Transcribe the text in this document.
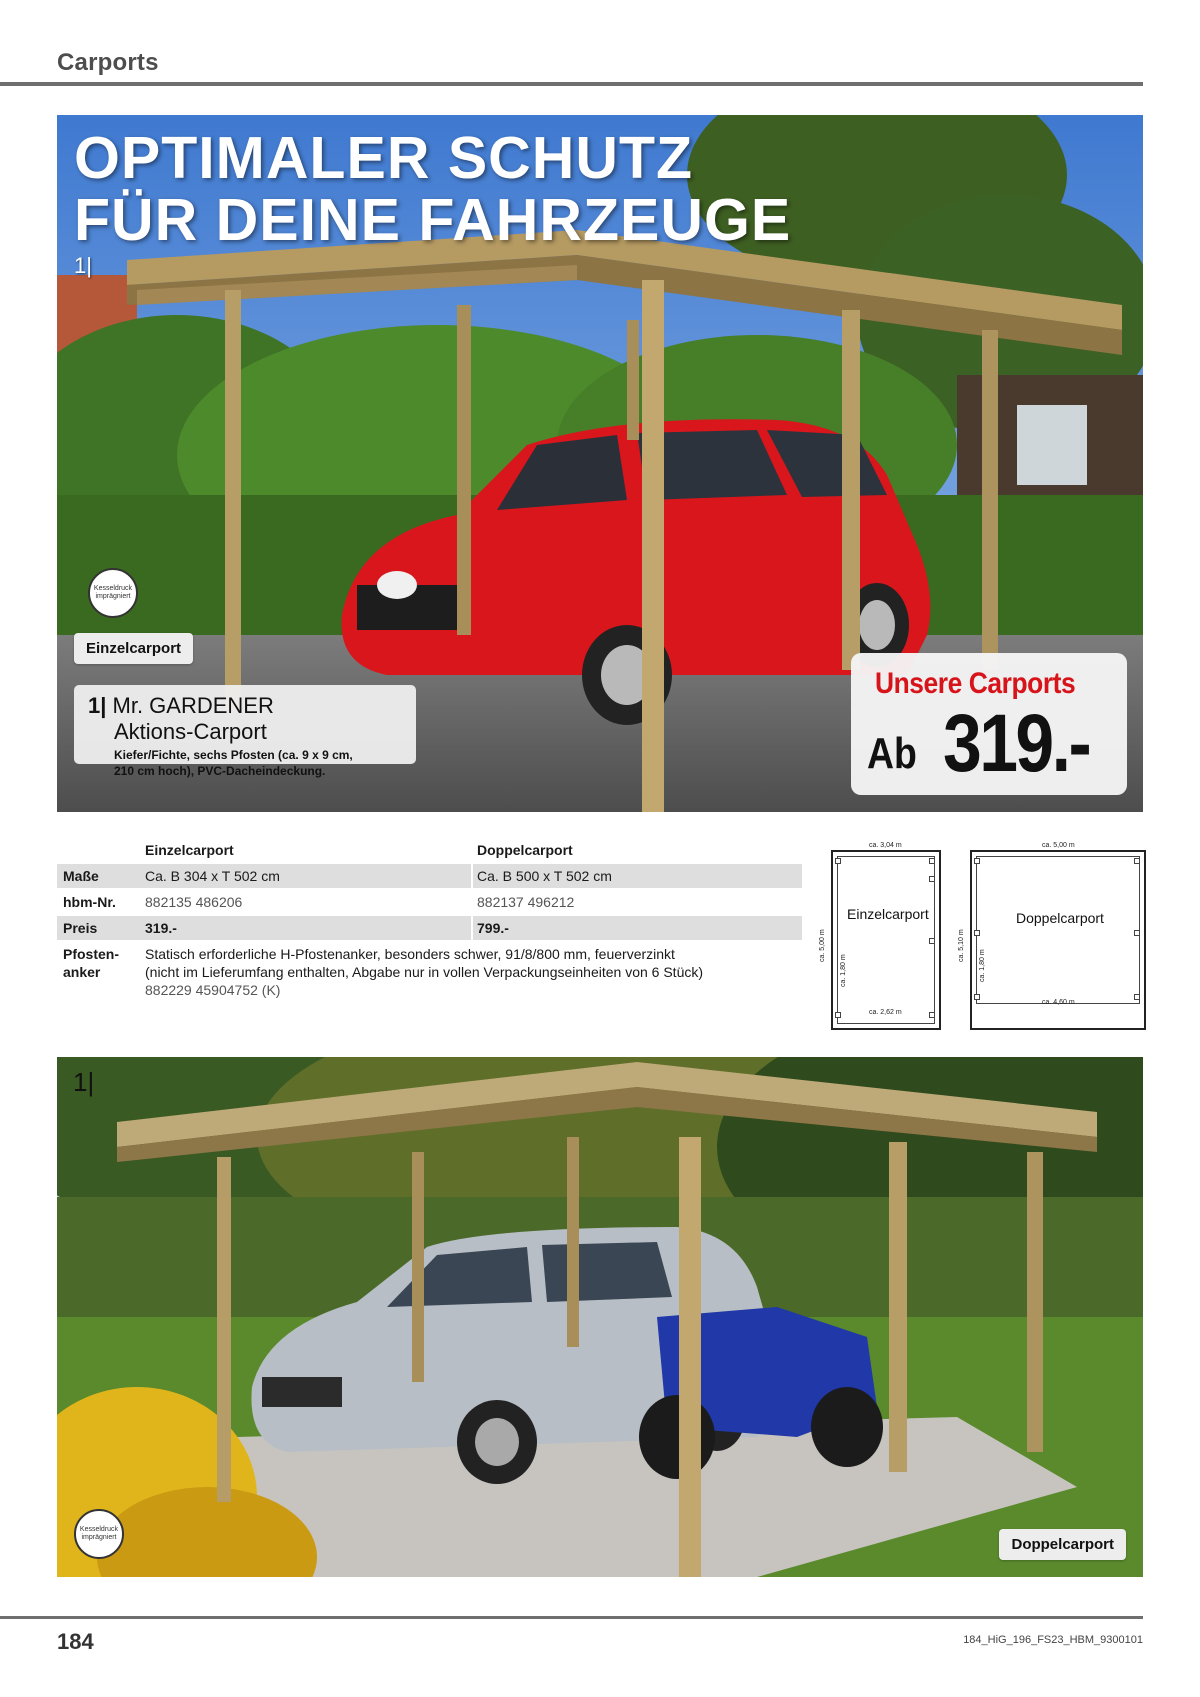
Carports
OPTIMALER SCHUTZ
FÜR DEINE FAHRZEUGE
1|
Kesseldruck imprägniert
Einzelcarport
1| Mr. GARDENER
Aktions-Carport
Kiefer/Fichte, sechs Pfosten (ca. 9 x 9 cm,
210 cm hoch), PVC-Dacheindeckung.
Unsere Carports
Ab 319.-
Einzelcarport	Doppelcarport
Maße	Ca. B 304 x T 502 cm	Ca. B 500 x T 502 cm
hbm-Nr.	882135 486206	882137 496212
Preis	319.-	799.-
Pfosten-
anker
Statisch erforderliche H-Pfostenanker, besonders schwer, 91/8/800 mm, feuerverzinkt
(nicht im Lieferumfang enthalten, Abgabe nur in vollen Verpackungseinheiten von 6 Stück)
882229 45904752 (K)
Einzelcarport
ca. 3,04 m
ca. 2,62 m
ca. 5,00 m
ca. 1,80 m
Doppelcarport
ca. 5,00 m
ca. 4,60 m
ca. 5,10 m
ca. 1,80 m
1|
Kesseldruck imprägniert	Doppelcarport
184	184_HiG_196_FS23_HBM_9300101
